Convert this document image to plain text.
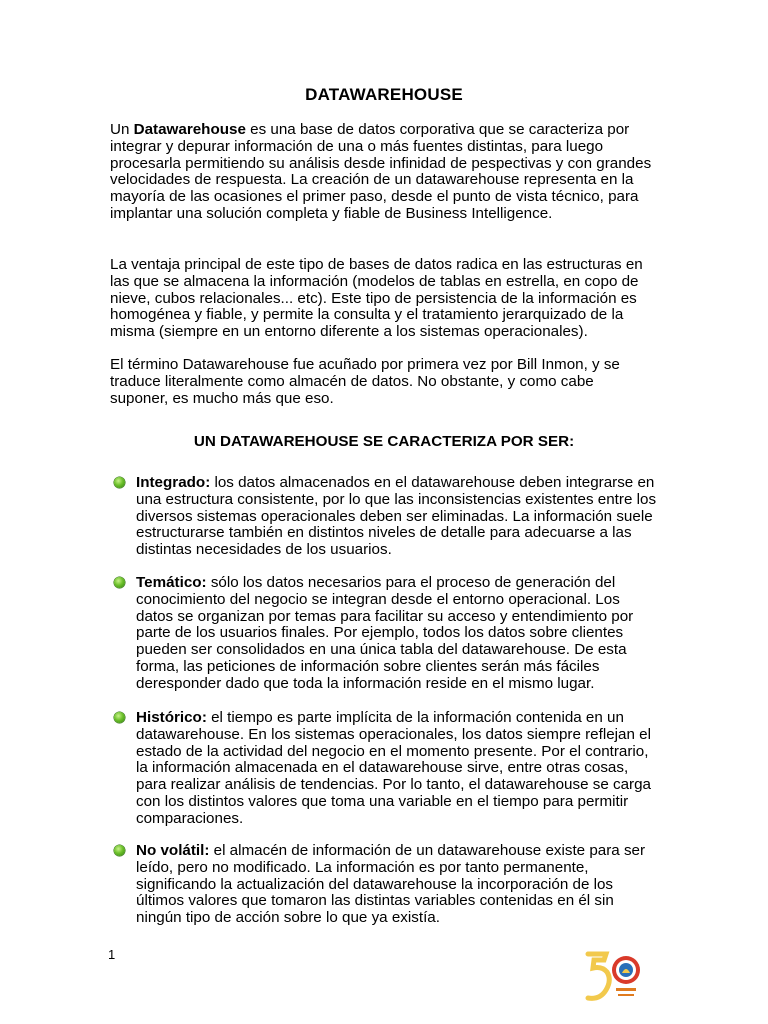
DATAWAREHOUSE

Un Datawarehouse es una base de datos corporativa que se caracteriza por integrar y depurar información de una o más fuentes distintas, para luego procesarla permitiendo su análisis desde infinidad de pespectivas y con grandes velocidades de respuesta. La creación de un datawarehouse representa en la mayoría de las ocasiones el primer paso, desde el punto de vista técnico, para implantar una solución completa y fiable de Business Intelligence.

La ventaja principal de este tipo de bases de datos radica en las estructuras en las que se almacena la información (modelos de tablas en estrella, en copo de nieve, cubos relacionales... etc). Este tipo de persistencia de la información es homogénea y fiable, y permite la consulta y el tratamiento jerarquizado de la misma (siempre en un entorno diferente a los sistemas operacionales).

El término Datawarehouse fue acuñado por primera vez por Bill Inmon, y se traduce literalmente como almacén de datos. No obstante, y como cabe suponer, es mucho más que eso.

UN DATAWAREHOUSE SE CARACTERIZA POR SER:
Integrado: los datos almacenados en el datawarehouse deben integrarse en una estructura consistente, por lo que las inconsistencias existentes entre los diversos sistemas operacionales deben ser eliminadas. La información suele estructurarse también en distintos niveles de detalle para adecuarse a las distintas necesidades de los usuarios.
Temático: sólo los datos necesarios para el proceso de generación del conocimiento del negocio se integran desde el entorno operacional. Los datos se organizan por temas para facilitar su acceso y entendimiento por parte de los usuarios finales. Por ejemplo, todos los datos sobre clientes pueden ser consolidados en una única tabla del datawarehouse. De esta forma, las peticiones de información sobre clientes serán más fáciles deresponder dado que toda la información reside en el mismo lugar.
Histórico: el tiempo es parte implícita de la información contenida en un datawarehouse. En los sistemas operacionales, los datos siempre reflejan el estado de la actividad del negocio en el momento presente. Por el contrario, la información almacenada en el datawarehouse sirve, entre otras cosas, para realizar análisis de tendencias. Por lo tanto, el datawarehouse se carga con los distintos valores que toma una variable en el tiempo para permitir comparaciones.
No volátil: el almacén de información de un datawarehouse existe para ser leído, pero no modificado. La información es por tanto permanente, significando la actualización del datawarehouse la incorporación de los últimos valores que tomaron las distintas variables contenidas en él sin ningún tipo de acción sobre lo que ya existía.
1
